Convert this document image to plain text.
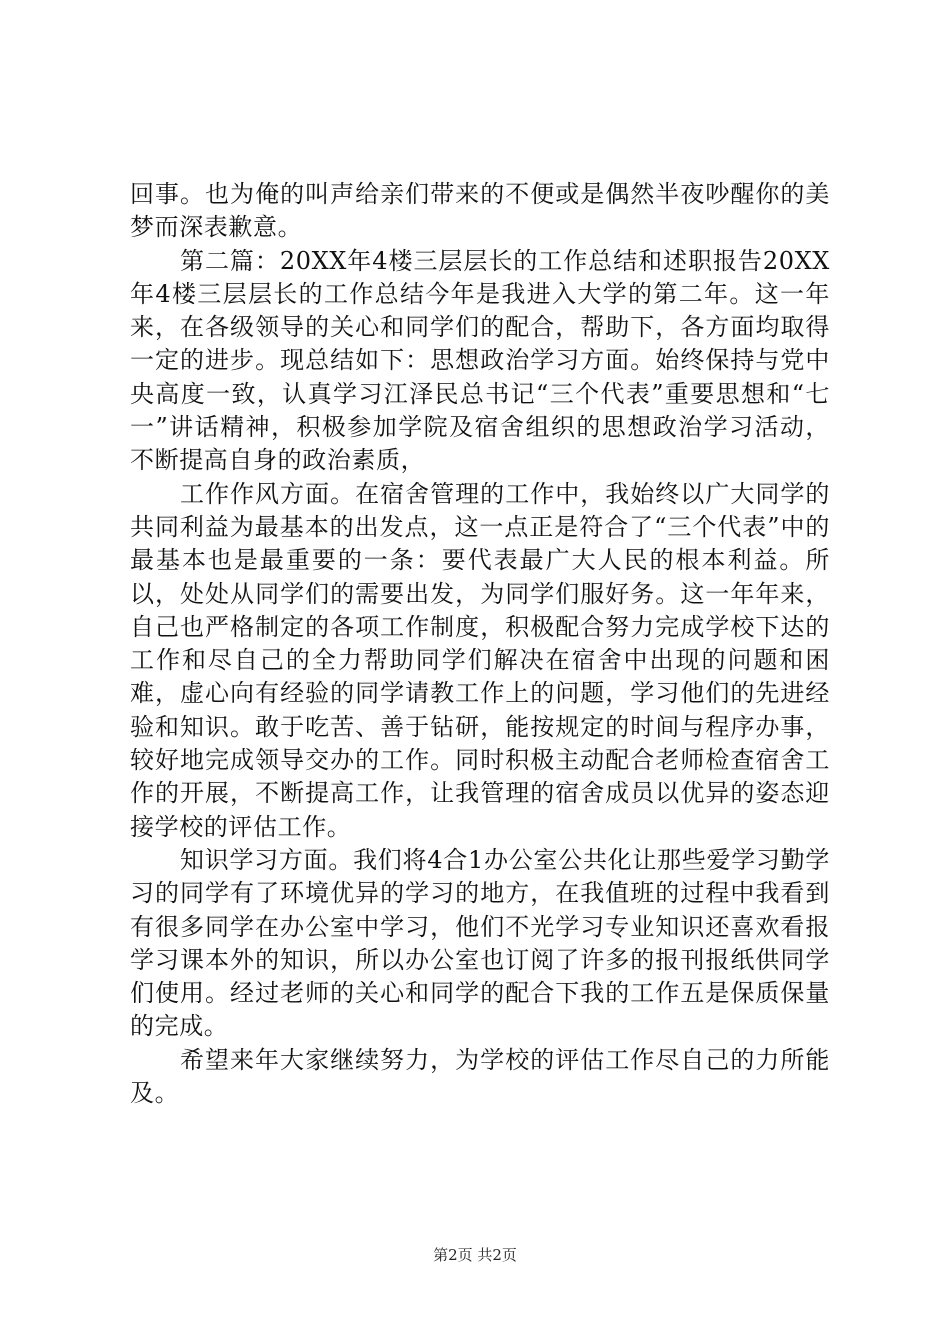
回事。也为俺的叫声给亲们带来的不便或是偶然半夜吵醒你的美梦而深表歉意。

第二篇：20XX年4楼三层层长的工作总结和述职报告20XX年4楼三层层长的工作总结今年是我进入大学的第二年。这一年来，在各级领导的关心和同学们的配合，帮助下，各方面均取得一定的进步。现总结如下：思想政治学习方面。始终保持与党中央高度一致，认真学习江泽民总书记“三个代表”重要思想和“七一”讲话精神，积极参加学院及宿舍组织的思想政治学习活动，不断提高自身的政治素质，

工作作风方面。在宿舍管理的工作中，我始终以广大同学的共同利益为最基本的出发点，这一点正是符合了“三个代表”中的最基本也是最重要的一条：要代表最广大人民的根本利益。所以，处处从同学们的需要出发，为同学们服好务。这一年年来，自己也严格制定的各项工作制度，积极配合努力完成学校下达的工作和尽自己的全力帮助同学们解决在宿舍中出现的问题和困难，虚心向有经验的同学请教工作上的问题，学习他们的先进经验和知识。敢于吃苦、善于钻研，能按规定的时间与程序办事，较好地完成领导交办的工作。同时积极主动配合老师检查宿舍工作的开展，不断提高工作，让我管理的宿舍成员以优异的姿态迎接学校的评估工作。

知识学习方面。我们将4合1办公室公共化让那些爱学习勤学习的同学有了环境优异的学习的地方，在我值班的过程中我看到有很多同学在办公室中学习，他们不光学习专业知识还喜欢看报学习课本外的知识，所以办公室也订阅了许多的报刊报纸供同学们使用。经过老师的关心和同学的配合下我的工作五是保质保量的完成。

希望来年大家继续努力，为学校的评估工作尽自己的力所能及。

第2页 共2页
